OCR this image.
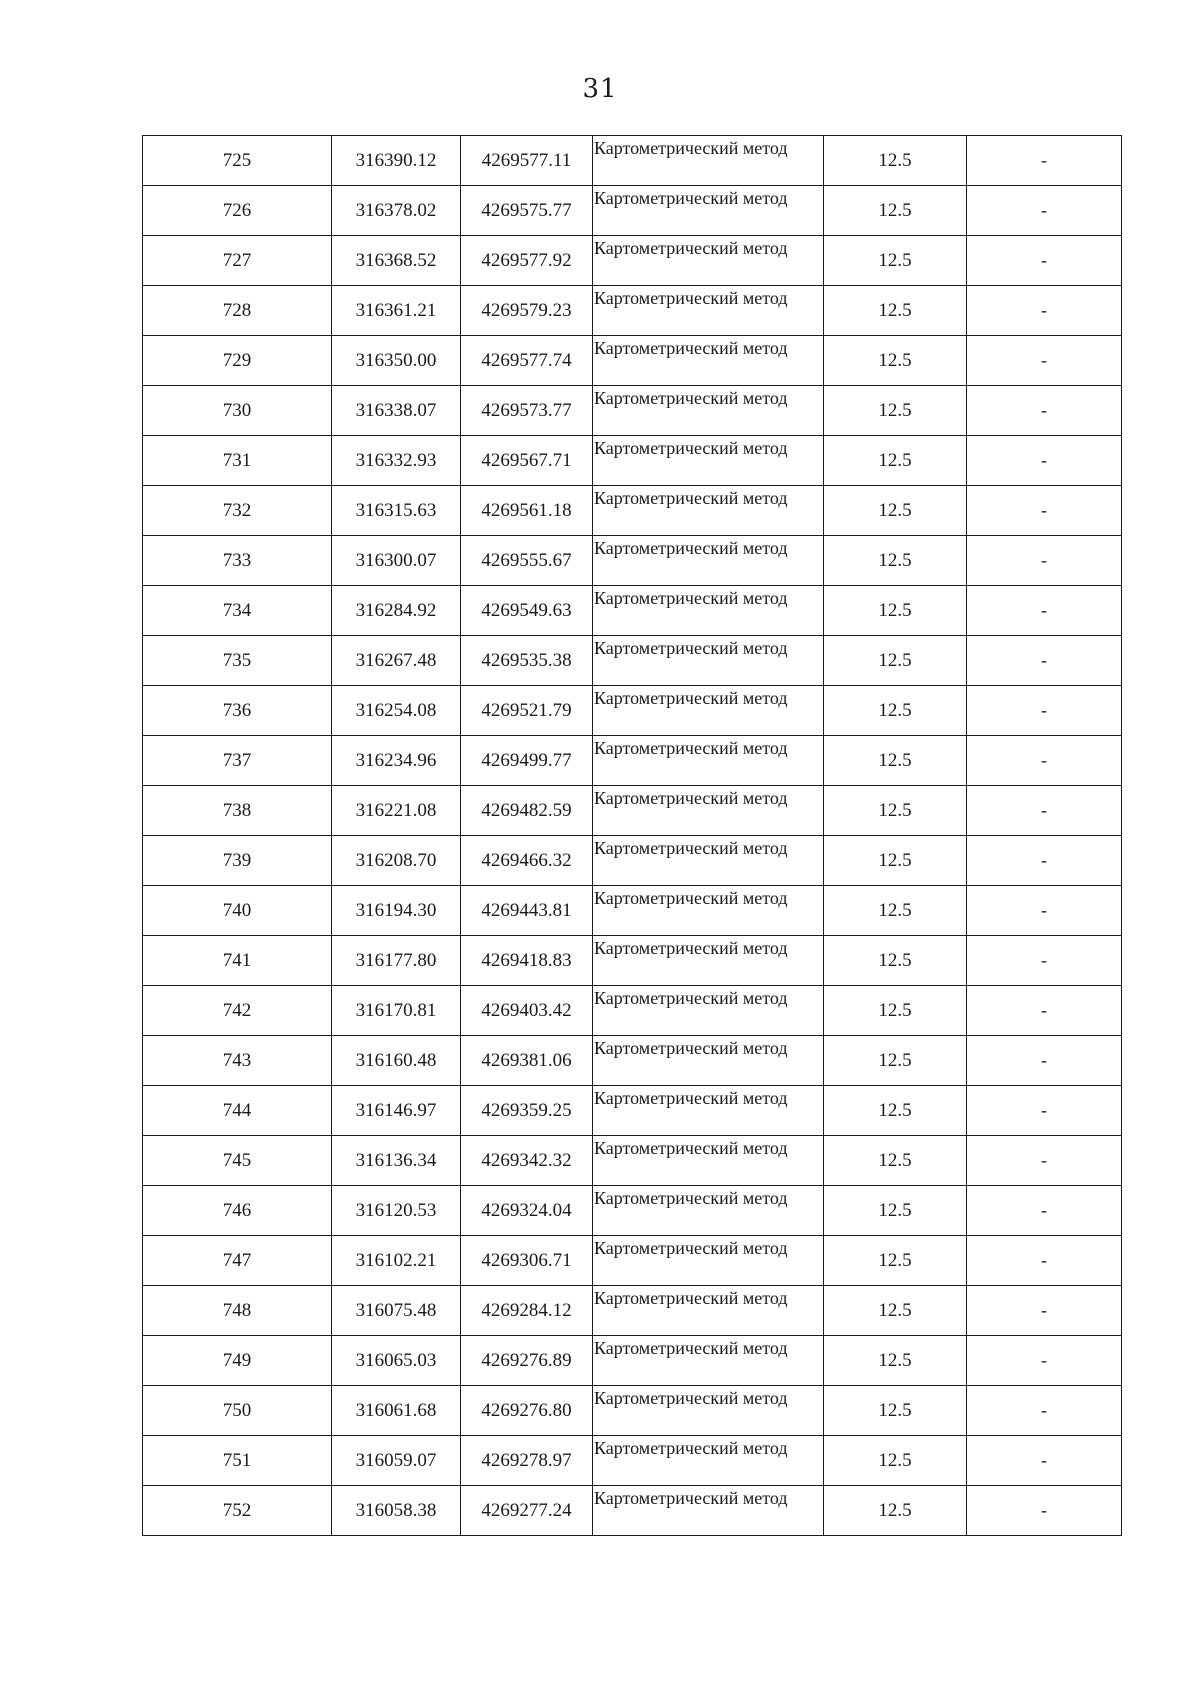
31
725	316390.12	4269577.11	Картометрический метод	12.5	-
726	316378.02	4269575.77	Картометрический метод	12.5	-
727	316368.52	4269577.92	Картометрический метод	12.5	-
728	316361.21	4269579.23	Картометрический метод	12.5	-
729	316350.00	4269577.74	Картометрический метод	12.5	-
730	316338.07	4269573.77	Картометрический метод	12.5	-
731	316332.93	4269567.71	Картометрический метод	12.5	-
732	316315.63	4269561.18	Картометрический метод	12.5	-
733	316300.07	4269555.67	Картометрический метод	12.5	-
734	316284.92	4269549.63	Картометрический метод	12.5	-
735	316267.48	4269535.38	Картометрический метод	12.5	-
736	316254.08	4269521.79	Картометрический метод	12.5	-
737	316234.96	4269499.77	Картометрический метод	12.5	-
738	316221.08	4269482.59	Картометрический метод	12.5	-
739	316208.70	4269466.32	Картометрический метод	12.5	-
740	316194.30	4269443.81	Картометрический метод	12.5	-
741	316177.80	4269418.83	Картометрический метод	12.5	-
742	316170.81	4269403.42	Картометрический метод	12.5	-
743	316160.48	4269381.06	Картометрический метод	12.5	-
744	316146.97	4269359.25	Картометрический метод	12.5	-
745	316136.34	4269342.32	Картометрический метод	12.5	-
746	316120.53	4269324.04	Картометрический метод	12.5	-
747	316102.21	4269306.71	Картометрический метод	12.5	-
748	316075.48	4269284.12	Картометрический метод	12.5	-
749	316065.03	4269276.89	Картометрический метод	12.5	-
750	316061.68	4269276.80	Картометрический метод	12.5	-
751	316059.07	4269278.97	Картометрический метод	12.5	-
752	316058.38	4269277.24	Картометрический метод	12.5	-
